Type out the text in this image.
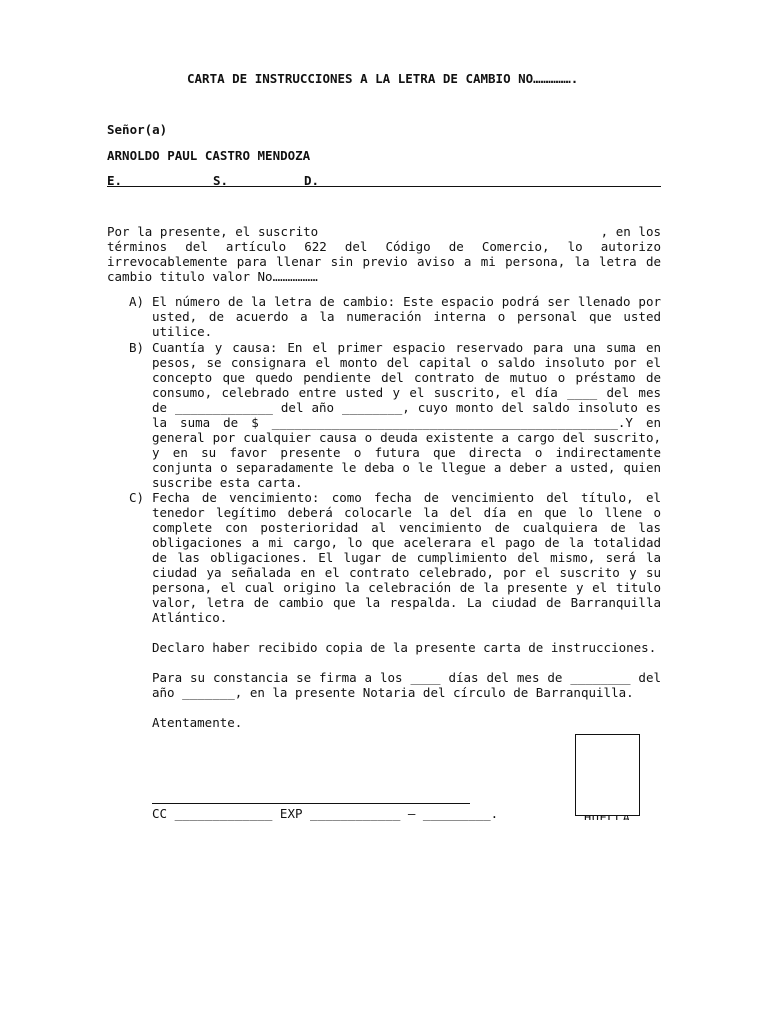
CARTA DE INSTRUCCIONES A LA LETRA DE CAMBIO NO…………….

Señor(a)

ARNOLDO PAUL CASTRO MENDOZA

E.	S.	D.

Por la presente, el suscrito                                     , en los términos del artículo 622 del Código de Comercio, lo autorizo irrevocablemente para llenar sin previo aviso a mi persona, la letra de cambio titulo valor No………………

A) El número de la letra de cambio: Este espacio podrá ser llenado por usted, de acuerdo a la numeración interna o personal que usted utilice.

B) Cuantía y causa: En el primer espacio reservado para una suma en pesos, se consignara el monto del capital o saldo insoluto por el concepto que quedo pendiente del contrato de mutuo o préstamo de consumo, celebrado entre usted y el suscrito, el día ____ del mes de _____________ del año ________, cuyo monto del saldo insoluto es la suma de $ ______________________________________________.Y en general por cualquier causa o deuda existente a cargo del suscrito, y en su favor presente o futura que directa o indirectamente conjunta o separadamente le deba o le llegue a deber a usted, quien suscribe esta carta.

C) Fecha de vencimiento: como fecha de vencimiento del título, el tenedor legítimo deberá colocarle la del día en que lo llene o complete con posterioridad al vencimiento de cualquiera de las obligaciones a mi cargo, lo que acelerara el pago de la totalidad de las obligaciones. El lugar de cumplimiento del mismo, será la ciudad ya señalada en el contrato celebrado, por el suscrito y su persona, el cual origino la celebración de la presente y el titulo valor, letra de cambio que la respalda. La ciudad de Barranquilla Atlántico.

Declaro haber recibido copia de la presente carta de instrucciones.

Para su constancia se firma a los ____ días del mes de ________ del año _______, en la presente Notaria del círculo de Barranquilla.

Atentamente.

CC _____________ EXP ____________ – _________.
